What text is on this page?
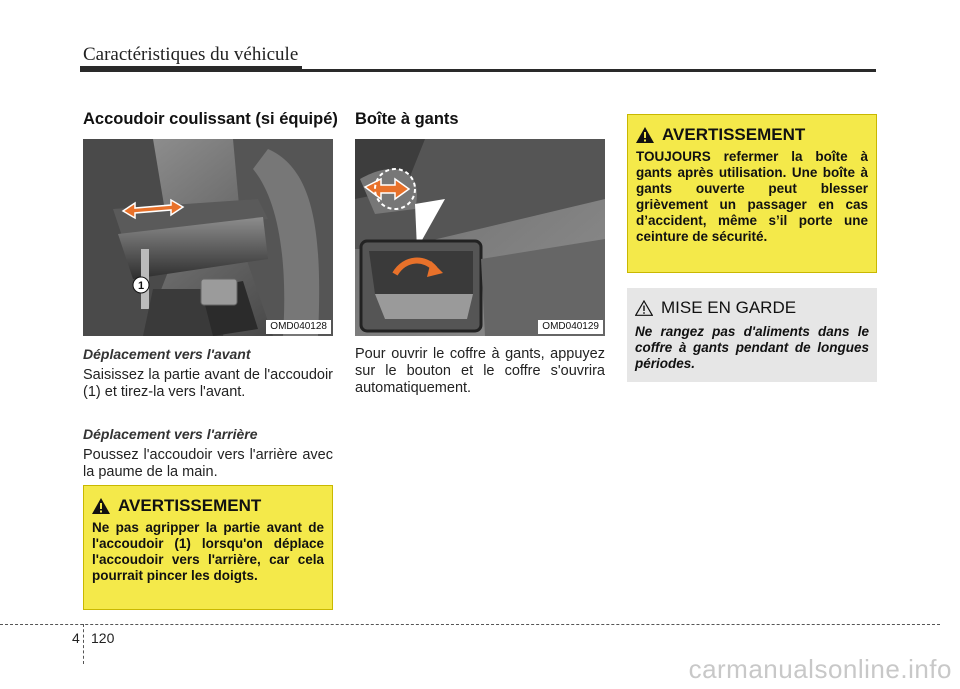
Caractéristiques du véhicule
Accoudoir coulissant (si équipé)
1
OMD040128
Déplacement vers l'avant
Saisissez la partie avant de l'accoudoir (1) et tirez-la vers l'avant.
Déplacement vers l'arrière
Poussez l'accoudoir vers l'arrière avec la paume de la main.
AVERTISSEMENT
Ne pas agripper la partie avant de l'accoudoir (1) lorsqu'on déplace l'accoudoir vers l'arrière, car cela pourrait pincer les doigts.
Boîte à gants
OMD040129
Pour ouvrir le coffre à gants, appuyez sur le bouton et le coffre s'ouvrira automatiquement.
AVERTISSEMENT
TOUJOURS refermer la boîte à gants après utilisation. Une boîte à gants ouverte peut blesser grièvement un passager en cas d’accident, même s’il porte une ceinture de sécurité.
MISE EN GARDE
Ne rangez pas d'aliments dans le coffre à gants pendant de longues périodes.
4 120
carmanualsonline.info
